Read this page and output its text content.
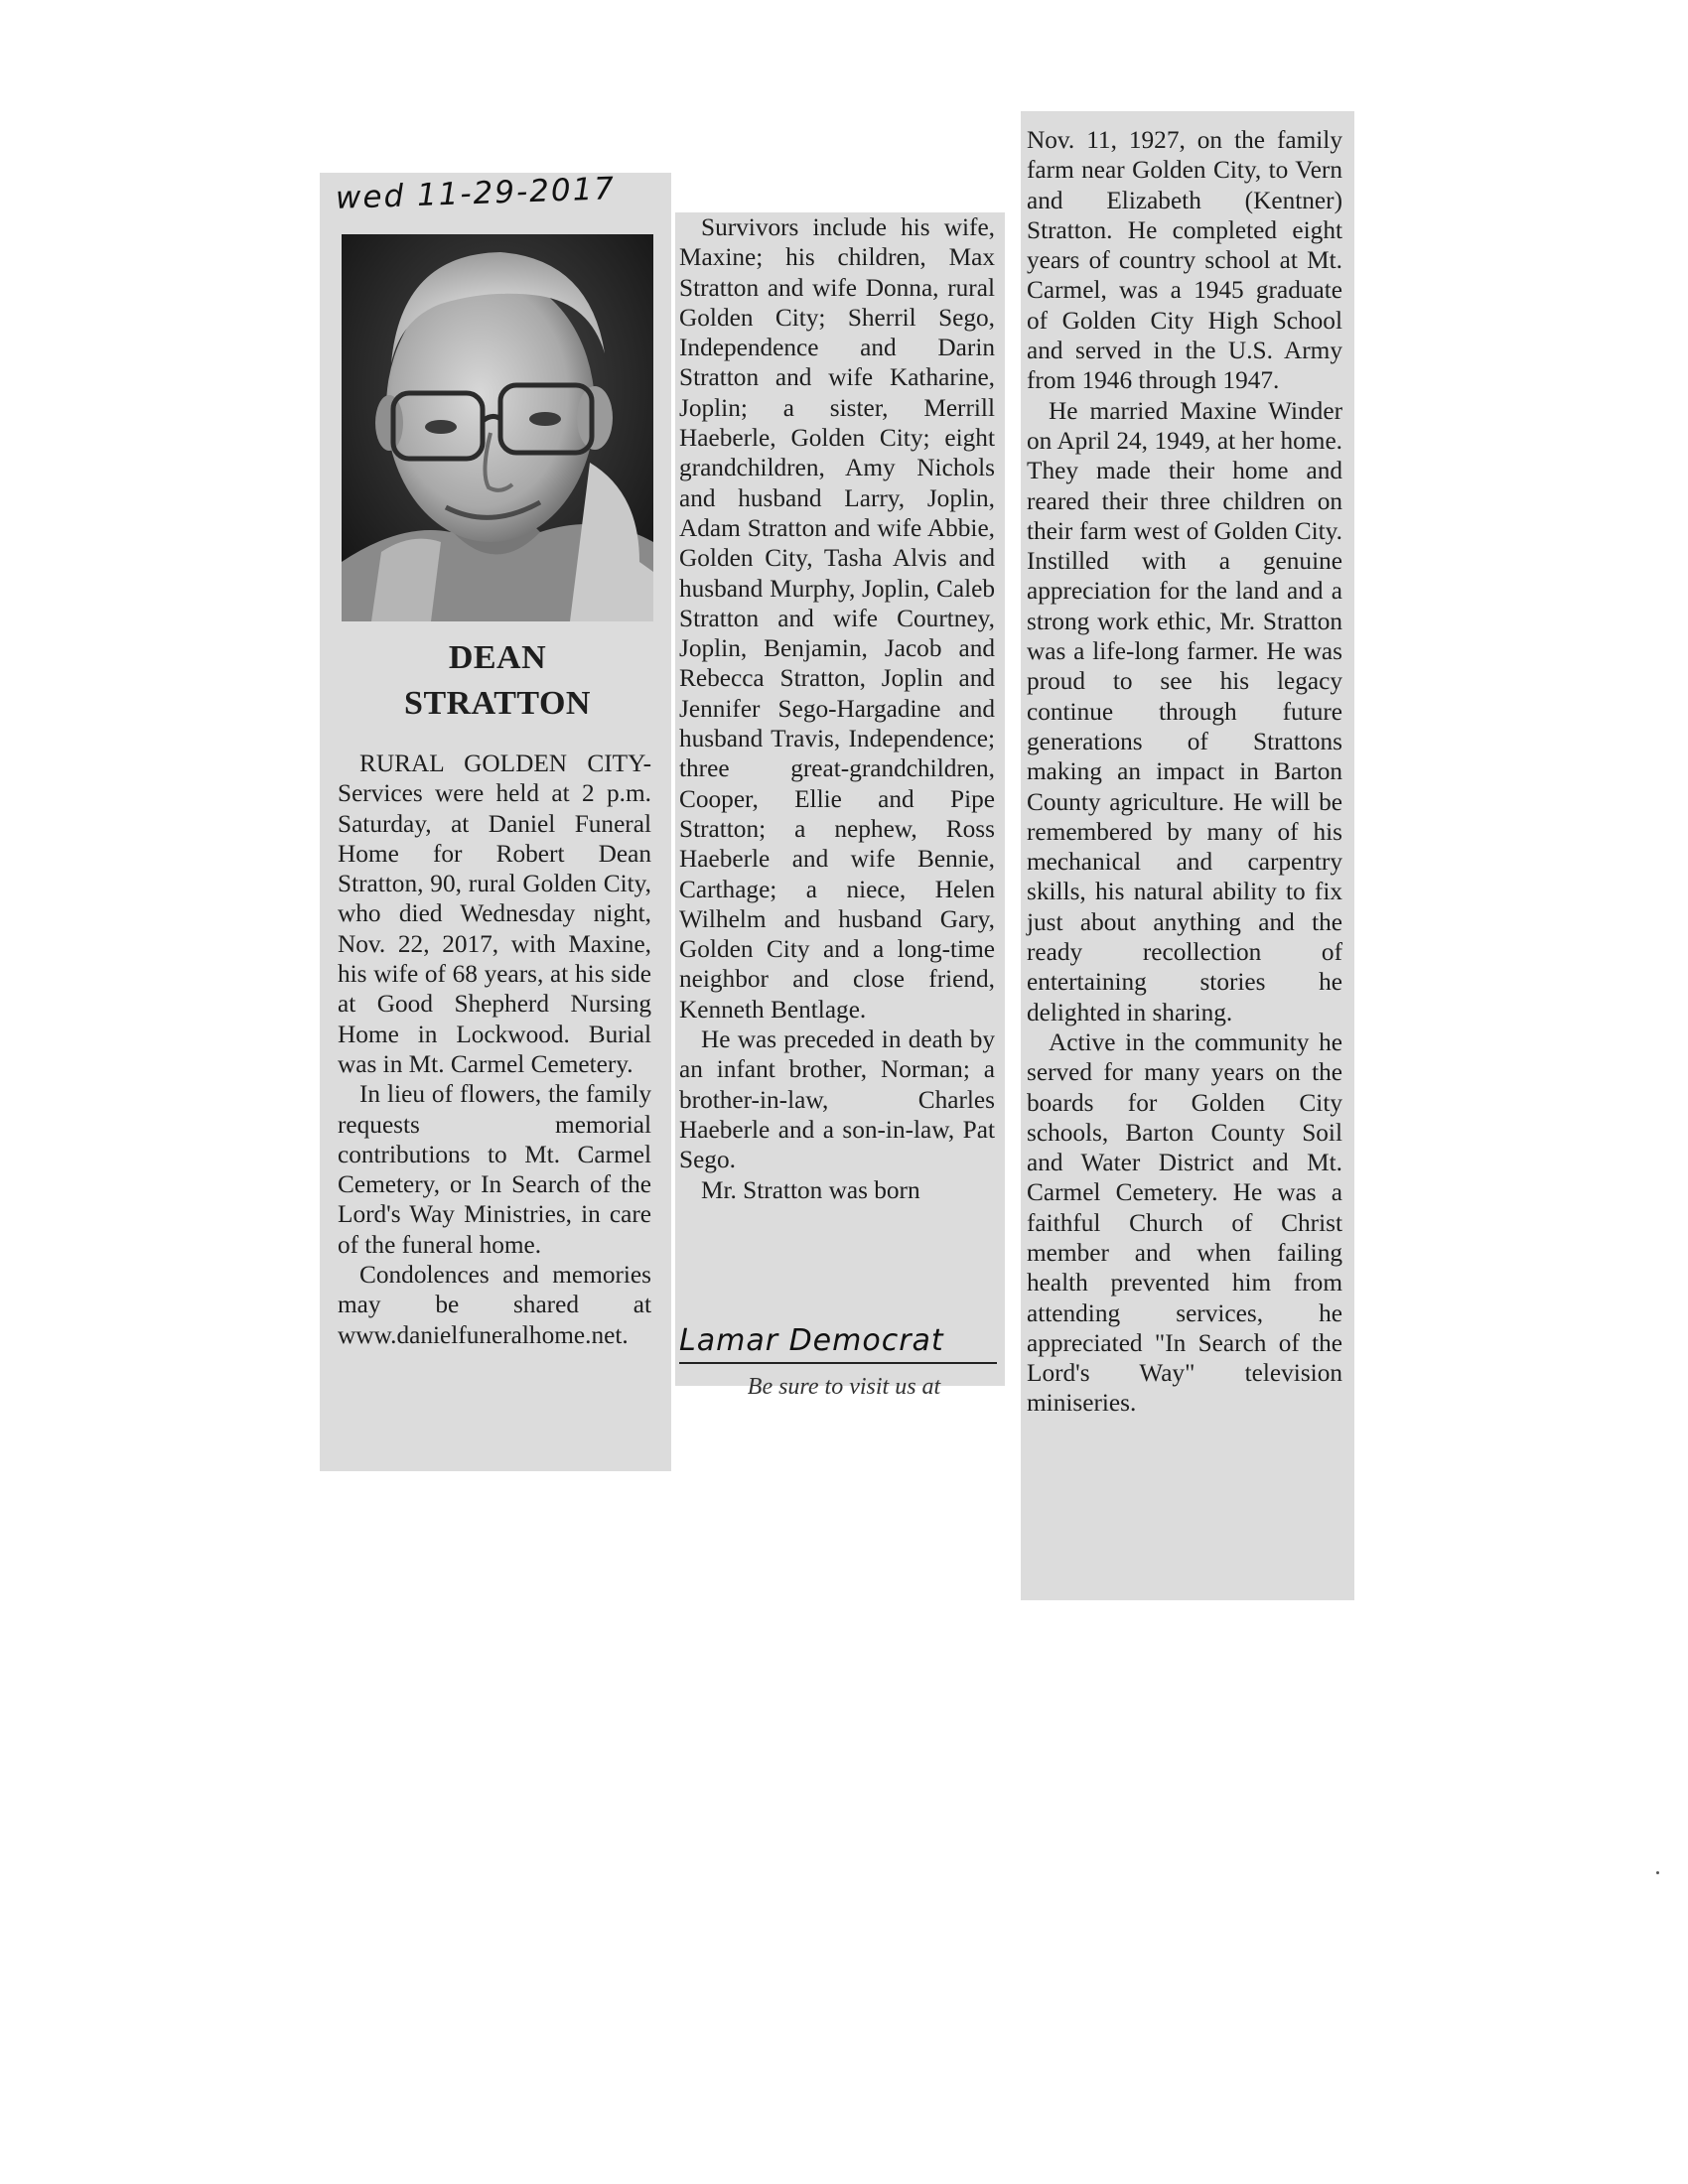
wed 11-29-2017
DEAN
STRATTON

RURAL GOLDEN CITY- Services were held at 2 p.m. Saturday, at Daniel Funeral Home for Robert Dean Stratton, 90, rural Golden City, who died Wednesday night, Nov. 22, 2017, with Maxine, his wife of 68 years, at his side at Good Shepherd Nursing Home in Lockwood. Burial was in Mt. Carmel Cemetery.

In lieu of flowers, the family requests memorial contributions to Mt. Carmel Cemetery, or In Search of the Lord's Way Ministries, in care of the funeral home.

Condolences and memories may be shared at www.danielfuneralhome.net.

Survivors include his wife, Maxine; his children, Max Stratton and wife Donna, rural Golden City; Sherril Sego, Independence and Darin Stratton and wife Katharine, Joplin; a sister, Merrill Haeberle, Golden City; eight grandchildren, Amy Nichols and husband Larry, Joplin, Adam Stratton and wife Abbie, Golden City, Tasha Alvis and husband Murphy, Joplin, Caleb Stratton and wife Courtney, Joplin, Benjamin, Jacob and Rebecca Stratton, Joplin and Jennifer Sego-Hargadine and husband Travis, Independence; three great-grandchildren, Cooper, Ellie and Pipe Stratton; a nephew, Ross Haeberle and wife Bennie, Carthage; a niece, Helen Wilhelm and husband Gary, Golden City and a long-time neighbor and close friend, Kenneth Bentlage.

He was preceded in death by an infant brother, Norman; a brother-in-law, Charles Haeberle and a son-in-law, Pat Sego.

Mr. Stratton was born

Lamar Democrat
Be sure to visit us at

Nov. 11, 1927, on the family farm near Golden City, to Vern and Elizabeth (Kentner) Stratton. He completed eight years of country school at Mt. Carmel, was a 1945 graduate of Golden City High School and served in the U.S. Army from 1946 through 1947.

He married Maxine Winder on April 24, 1949, at her home. They made their home and reared their three children on their farm west of Golden City. Instilled with a genuine appreciation for the land and a strong work ethic, Mr. Stratton was a life-long farmer. He was proud to see his legacy continue through future generations of Strattons making an impact in Barton County agriculture. He will be remembered by many of his mechanical and carpentry skills, his natural ability to fix just about anything and the ready recollection of entertaining stories he delighted in sharing.

Active in the community he served for many years on the boards for Golden City schools, Barton County Soil and Water District and Mt. Carmel Cemetery. He was a faithful Church of Christ member and when failing health prevented him from attending services, he appreciated "In Search of the Lord's Way" television miniseries.
